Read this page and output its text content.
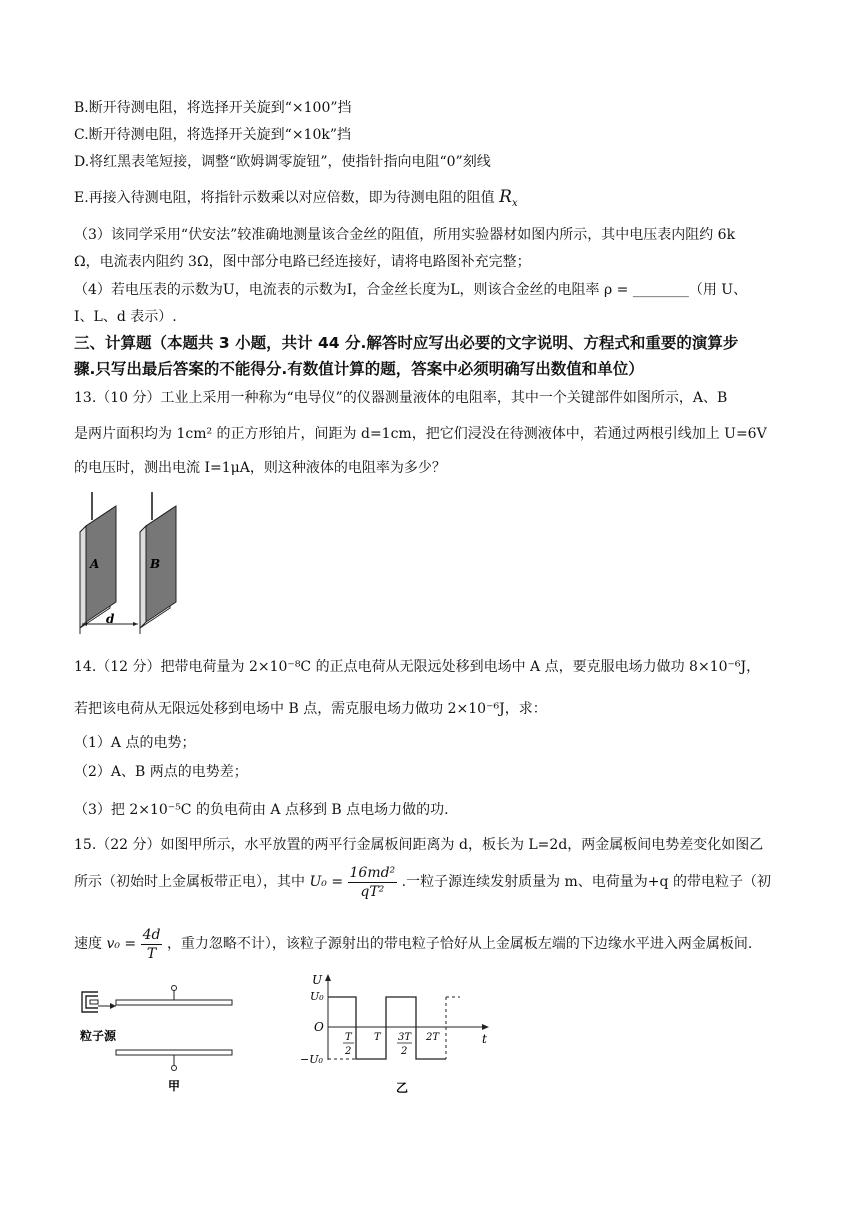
B.断开待测电阻，将选择开关旋到“×100”挡
C.断开待测电阻，将选择开关旋到“×10k”挡
D.将红黑表笔短接，调整“欧姆调零旋钮”，使指针指向电阻“0”刻线
E.再接入待测电阻，将指针示数乘以对应倍数，即为待测电阻的阻值 $R_x$
（3）该同学采用“伏安法”较准确地测量该合金丝的阻值，所用实验器材如图内所示，其中电压表内阻约 6k
Ω，电流表内阻约 3Ω，图中部分电路已经连接好，请将电路图补充完整；
（4）若电压表的示数为U，电流表的示数为I，合金丝长度为L，则该合金丝的电阻率 ρ = ________（用 U、
I、L、d 表示）.
三、计算题（本题共 3 小题，共计 44 分.解答时应写出必要的文字说明、方程式和重要的演算步
骤.只写出最后答案的不能得分.有数值计算的题，答案中必须明确写出数值和单位）
13.（10 分）工业上采用一种称为“电导仪”的仪器测量液体的电阻率，其中一个关键部件如图所示，A、B
是两片面积均为 1cm² 的正方形铂片，间距为 d=1cm，把它们浸没在待测液体中，若通过两根引线加上 U=6V
的电压时，测出电流 I=1μA，则这种液体的电阻率为多少？
A	B
d
14.（12 分）把带电荷量为 2×10⁻⁸C 的正点电荷从无限远处移到电场中 A 点，要克服电场力做功 8×10⁻⁶J，
若把该电荷从无限远处移到电场中 B 点，需克服电场力做功 2×10⁻⁶J，求：
（1）A 点的电势；
（2）A、B 两点的电势差；
（3）把 2×10⁻⁵C 的负电荷由 A 点移到 B 点电场力做的功.
15.（22 分）如图甲所示，水平放置的两平行金属板间距离为 d，板长为 L=2d，两金属板间电势差变化如图乙
所示（初始时上金属板带正电），其中 $U_0 = \frac{\text{16md²}}{\text{qT²}}$ .一粒子源连续发射质量为 m、电荷量为+q 的带电粒子（初
速度 $v_0 = \frac{4d}{T}$ ，重力忽略不计），该粒子源射出的带电粒子恰好从上金属板左端的下边缘水平进入两金属板间.
粒子源
甲
U
U₀
O
−U₀
t
T
2
T 3T
2
2T
乙
